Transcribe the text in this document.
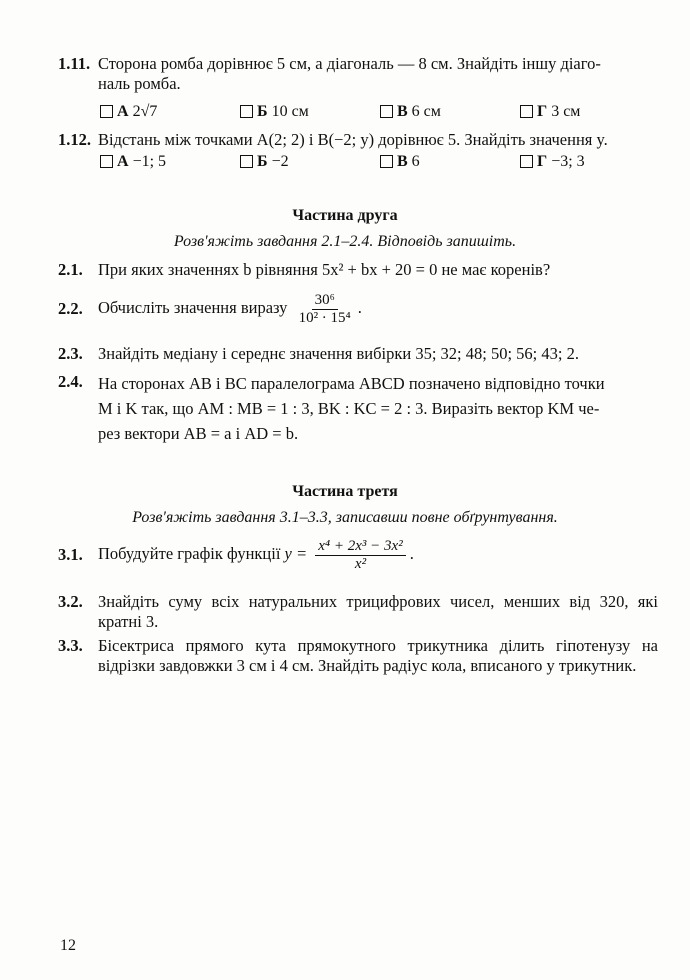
1.11. Сторона ромба дорівнює 5 см, а діагональ — 8 см. Знайдіть іншу діаго-
наль ромба.
А 2√7	Б 10 см	В 6 см	Г 3 см
1.12. Відстань між точками A(2; 2) і B(−2; y) дорівнює 5. Знайдіть значення y.
А −1; 5	Б −2	В 6	Г −3; 3
Частина друга
Розв'яжіть завдання 2.1–2.4. Відповідь запишіть.
2.1. При яких значеннях b рівняння 5x² + bx + 20 = 0 не має коренів?
2.2. Обчисліть значення виразу $\frac{\text{30⁶}}{\text{10² · 15⁴}}$ .
2.3. Знайдіть медіану і середнє значення вибірки 35; 32; 48; 50; 56; 43; 2.
2.4. На сторонах AB і BC паралелограма ABCD позначено відповідно точки
M і K так, що AM : MB = 1 : 3, BK : KC = 2 : 3. Виразіть вектор KM че-
рез вектори AB = a і AD = b.
Частина третя
Розв'яжіть завдання 3.1–3.3, записавши повне обґрунтування.
3.1. Побудуйте графік функції $y = \frac{\text{x⁴ + 2x³ − 3x²}}{\text{x²}}$ .
3.2. Знайдіть суму всіх натуральних трицифрових чисел, менших від 320, які кратні 3.
3.3. Бісектриса прямого кута прямокутного трикутника ділить гіпотенузу на відрізки завдовжки 3 см і 4 см. Знайдіть радіус кола, вписаного у трикутник.
12
